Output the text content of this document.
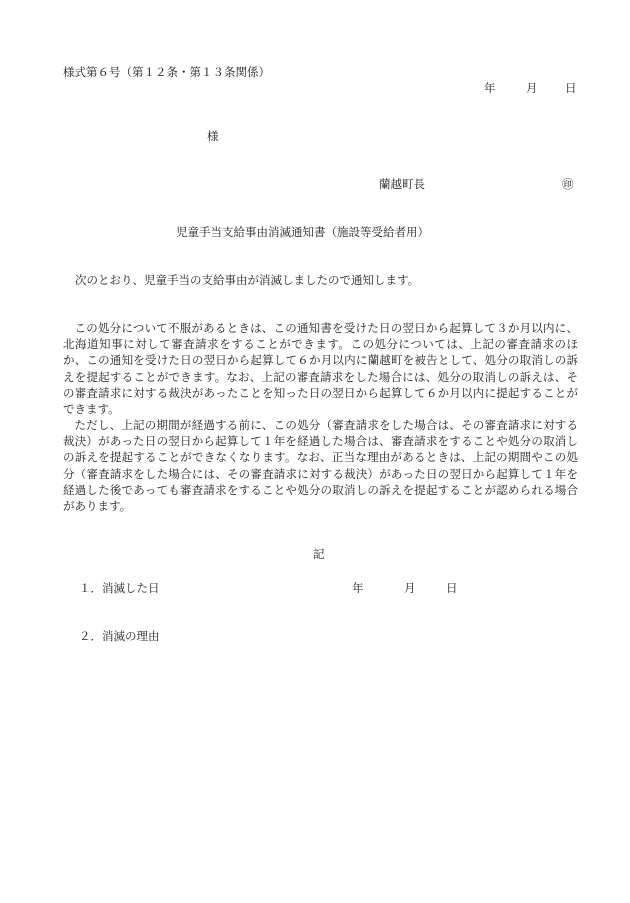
様式第６号（第１２条・第１３条関係）
年	月 日
様
蘭越町長	㊞
児童手当支給事由消滅通知書（施設等受給者用）
次のとおり、児童手当の支給事由が消滅しましたので通知します。
この処分について不服があるときは、この通知書を受けた日の翌日から起算して３か月以内に、北海道知事に対して審査請求をすることができます。この処分については、上記の審査請求のほか、この通知を受けた日の翌日から起算して６か月以内に蘭越町を被告として、処分の取消しの訴えを提起することができます。なお、上記の審査請求をした場合には、処分の取消しの訴えは、その審査請求に対する裁決があったことを知った日の翌日から起算して６か月以内に提起することができます。
ただし、上記の期間が経過する前に、この処分（審査請求をした場合は、その審査請求に対する裁決）があった日の翌日から起算して１年を経過した場合は、審査請求をすることや処分の取消しの訴えを提起することができなくなります。なお、正当な理由があるときは、上記の期間やこの処分（審査請求をした場合には、その審査請求に対する裁決）があった日の翌日から起算して１年を経過した後であっても審査請求をすることや処分の取消しの訴えを提起することが認められる場合があります。
記
１．消滅した日	年	月	日
２．消滅の理由
